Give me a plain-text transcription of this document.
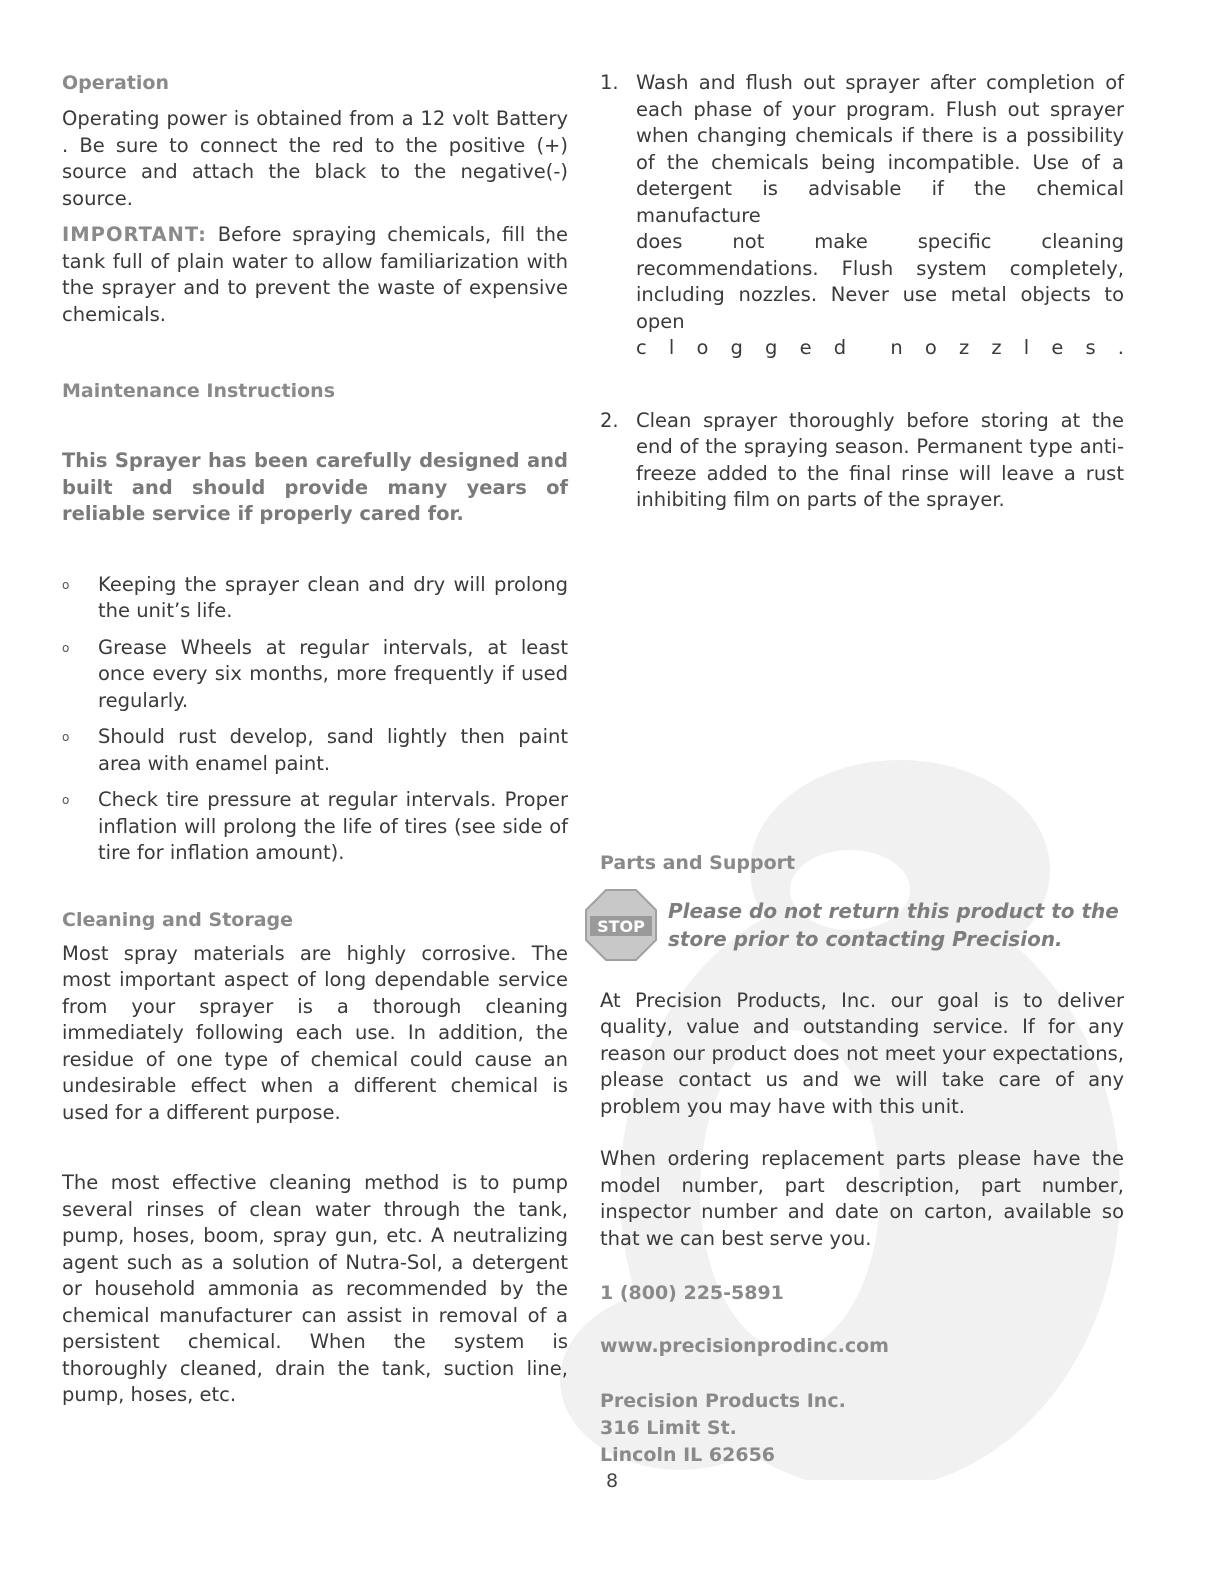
Operation

Operating power is obtained from a 12 volt Battery . Be sure to connect the red to the positive (+) source and attach the black to the negative(-) source.

IMPORTANT: Before spraying chemicals, fill the tank full of plain water to allow familiarization with the sprayer and to prevent the waste of expensive chemicals.

Maintenance Instructions

This Sprayer has been carefully designed and built and should provide many years of reliable service if properly cared for.

o Keeping the sprayer clean and dry will prolong the unit’s life.
o Grease Wheels at regular intervals, at least once every six months, more frequently if used regularly.
o Should rust develop, sand lightly then paint area with enamel paint.
o Check tire pressure at regular intervals. Proper inflation will prolong the life of tires (see side of tire for inflation amount).
Cleaning and Storage

Most spray materials are highly corrosive. The most important aspect of long dependable service from your sprayer is a thorough cleaning immediately following each use. In addition, the residue of one type of chemical could cause an undesirable effect when a different chemical is used for a different purpose.

The most effective cleaning method is to pump several rinses of clean water through the tank, pump, hoses, boom, spray gun, etc. A neutralizing agent such as a solution of Nutra-Sol, a detergent or household ammonia as recommended by the chemical manufacturer can assist in removal of a persistent chemical. When the system is thoroughly cleaned, drain the tank, suction line, pump, hoses, etc.

1. Wash and flush out sprayer after completion of each phase of your program. Flush out sprayer when changing chemicals if there is a possibility of the chemicals being incompatible. Use of a detergent is advisable if the chemical manufacture
does	not	make	specific	cleaning
recommendations. Flush system completely, including nozzles. Never use metal objects to open
c l o g g e d n o z z l e s .
2. Clean sprayer thoroughly before storing at the end of the spraying season. Permanent type anti-freeze added to the final rinse will leave a rust inhibiting film on parts of the sprayer.
Parts and Support
STOP
Please do not return this product to the store prior to contacting Precision.

At Precision Products, Inc. our goal is to deliver quality, value and outstanding service. If for any reason our product does not meet your expectations, please contact us and we will take care of any problem you may have with this unit.

When ordering replacement parts please have the model number, part description, part number, inspector number and date on carton, available so that we can best serve you.

1 (800) 225-5891
www.precisionprodinc.com
Precision Products Inc.
316 Limit St.
Lincoln IL 62656
8
